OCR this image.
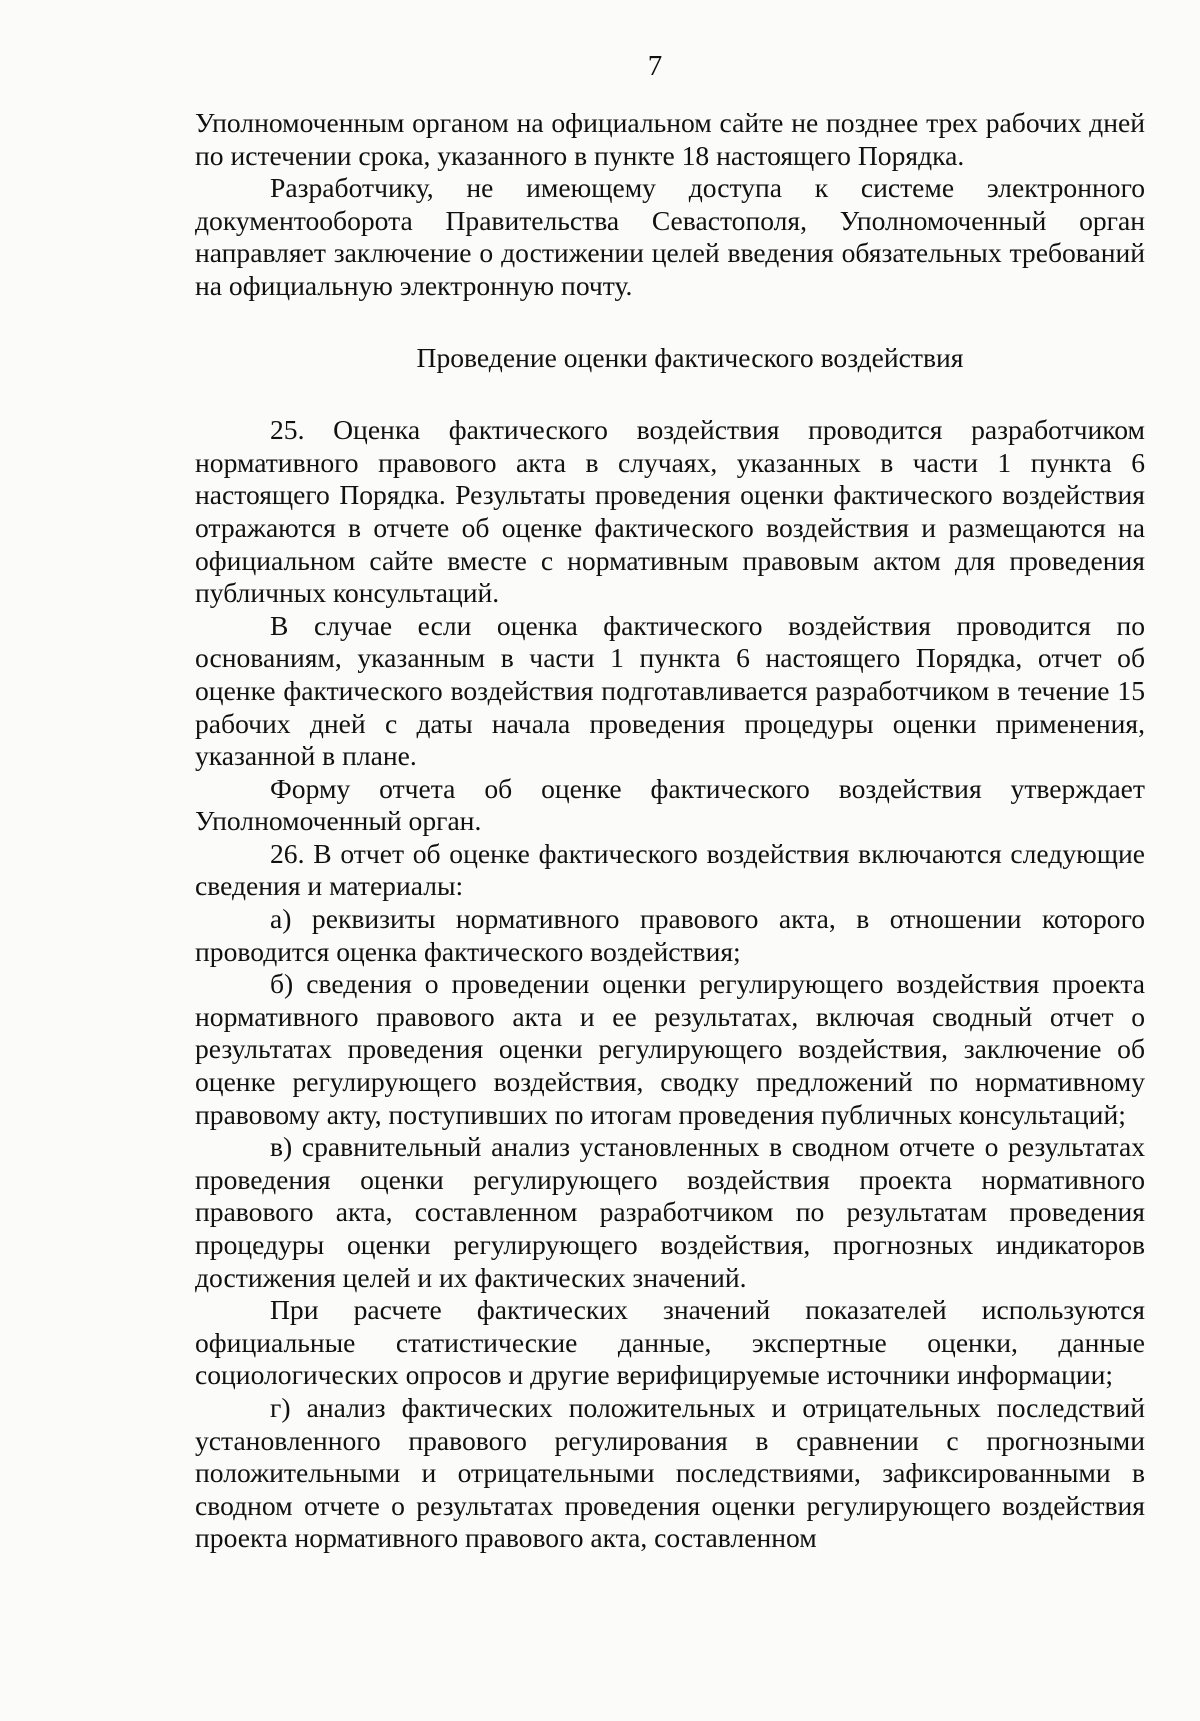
7

Уполномоченным органом на официальном сайте не позднее трех рабочих дней по истечении срока, указанного в пункте 18 настоящего Порядка.

Разработчику, не имеющему доступа к системе электронного документооборота Правительства Севастополя, Уполномоченный орган направляет заключение о достижении целей введения обязательных требований на официальную электронную почту.

Проведение оценки фактического воздействия

25. Оценка фактического воздействия проводится разработчиком нормативного правового акта в случаях, указанных в части 1 пункта 6 настоящего Порядка. Результаты проведения оценки фактического воздействия отражаются в отчете об оценке фактического воздействия и размещаются на официальном сайте вместе с нормативным правовым актом для проведения публичных консультаций.

В случае если оценка фактического воздействия проводится по основаниям, указанным в части 1 пункта 6 настоящего Порядка, отчет об оценке фактического воздействия подготавливается разработчиком в течение 15 рабочих дней с даты начала проведения процедуры оценки применения, указанной в плане.

Форму отчета об оценке фактического воздействия утверждает Уполномоченный орган.

26. В отчет об оценке фактического воздействия включаются следующие сведения и материалы:

а) реквизиты нормативного правового акта, в отношении которого проводится оценка фактического воздействия;

б) сведения о проведении оценки регулирующего воздействия проекта нормативного правового акта и ее результатах, включая сводный отчет о результатах проведения оценки регулирующего воздействия, заключение об оценке регулирующего воздействия, сводку предложений по нормативному правовому акту, поступивших по итогам проведения публичных консультаций;

в) сравнительный анализ установленных в сводном отчете о результатах проведения оценки регулирующего воздействия проекта нормативного правового акта, составленном разработчиком по результатам проведения процедуры оценки регулирующего воздействия, прогнозных индикаторов достижения целей и их фактических значений.

При расчете фактических значений показателей используются официальные статистические данные, экспертные оценки, данные социологических опросов и другие верифицируемые источники информации;

г) анализ фактических положительных и отрицательных последствий установленного правового регулирования в сравнении с прогнозными положительными и отрицательными последствиями, зафиксированными в сводном отчете о результатах проведения оценки регулирующего воздействия проекта нормативного правового акта, составленном
